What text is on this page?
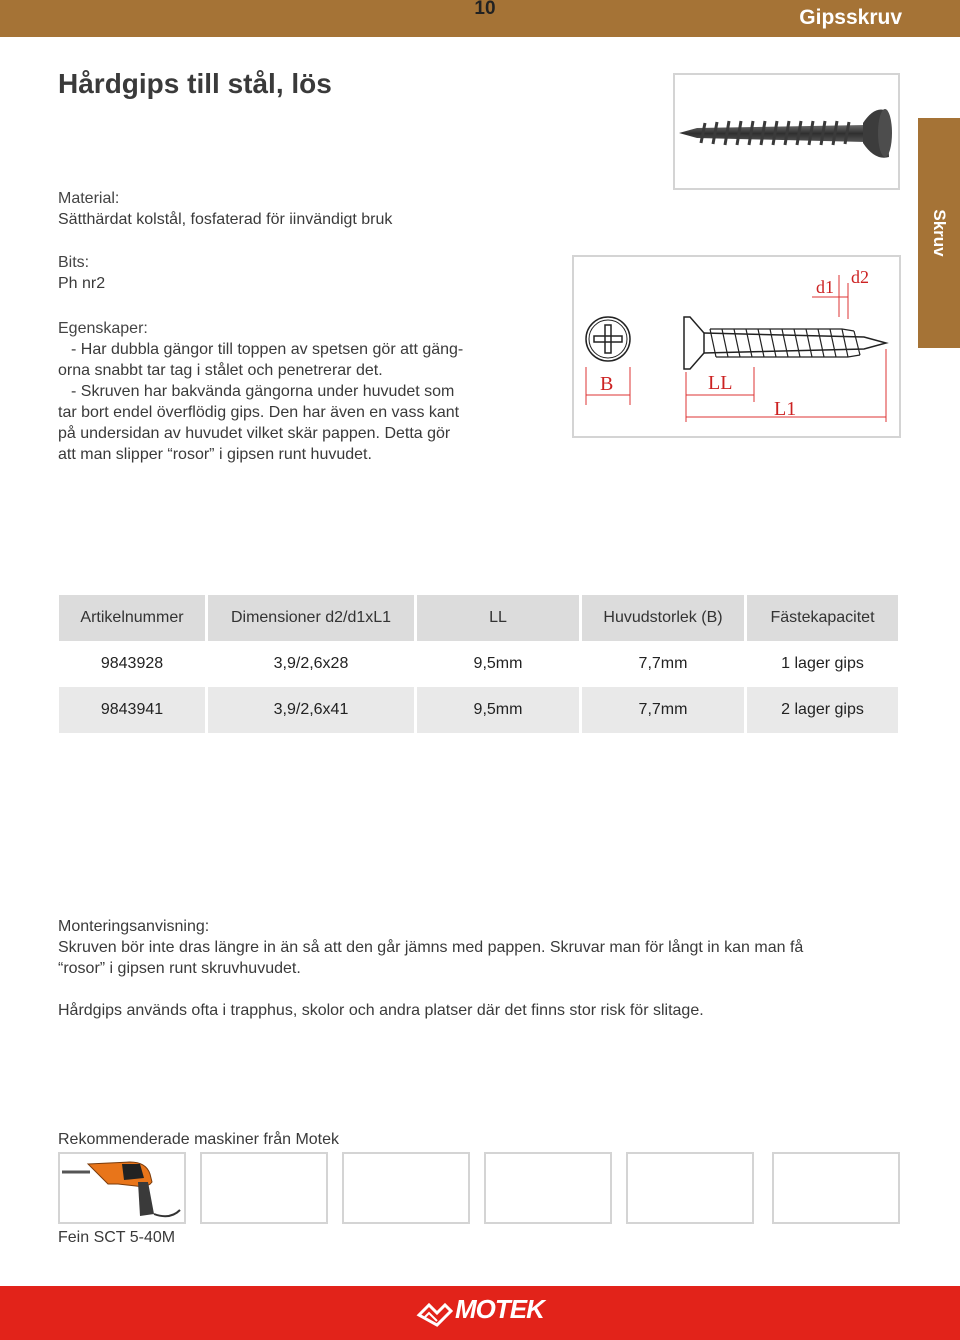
10	Gipsskruv
Skruv
Hårdgips till stål, lös
Material:
Sätthärdat kolstål, fosfaterad för iinvändigt bruk
Bits:
Ph nr2
Egenskaper:
- Har dubbla gängor till toppen av spetsen gör att gäng-
orna snabbt tar tag i stålet och penetrerar det.
- Skruven har bakvända gängorna under huvudet som
tar bort endel överflödig gips. Den har även en vass kant
på undersidan av huvudet vilket skär pappen. Detta gör
att man slipper “rosor” i gipsen runt huvudet.
B	LL
L1
d1 d2
Artikelnummer	Dimensioner d2/d1xL1	LL	Huvudstorlek (B)	Fästekapacitet
9843928	3,9/2,6x28	9,5mm	7,7mm	1 lager gips
9843941	3,9/2,6x41	9,5mm	7,7mm	2 lager gips
Monteringsanvisning:
Skruven bör inte dras längre in än så att den går jämns med pappen. Skruvar man för långt in kan man få
“rosor” i gipsen runt skruvhuvudet.
Hårdgips används ofta i trapphus, skolor och andra platser där det finns stor risk för slitage.
Rekommenderade maskiner från Motek
Fein SCT 5-40M
MOTEK
